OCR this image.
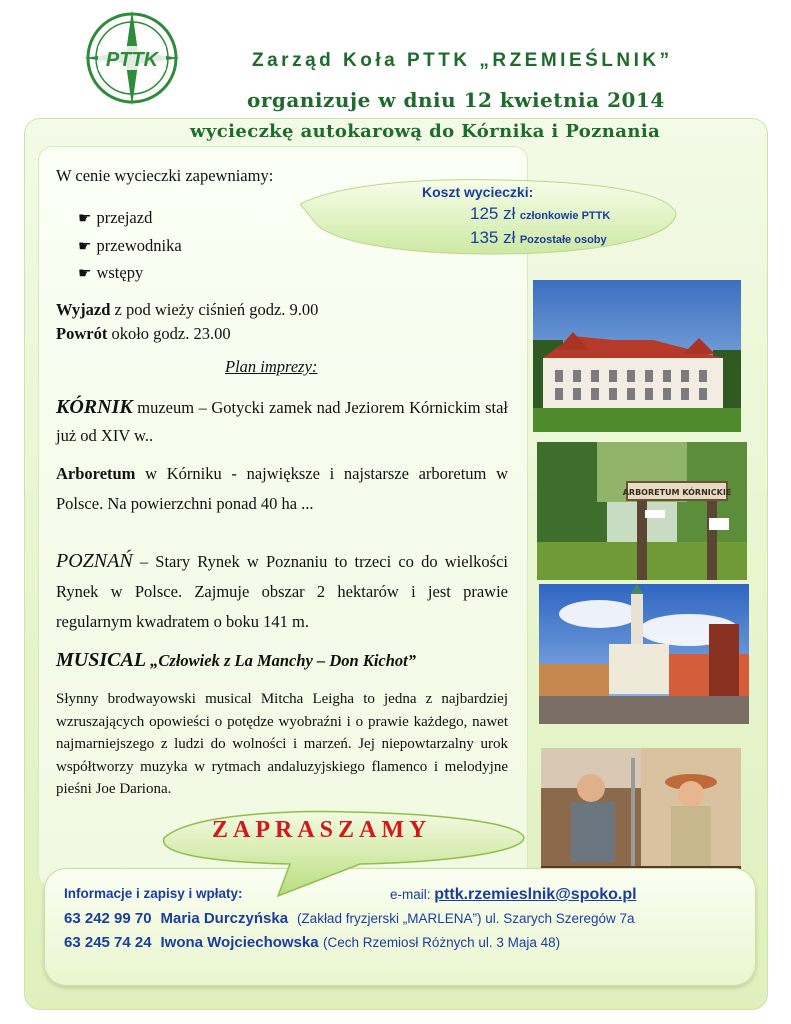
PTTK	Zarząd Koła PTTK „RZEMIEŚLNIK”
organizuje w dniu 12 kwietnia 2014
wycieczkę autokarową do Kórnika i Poznania
Koszt wycieczki:
125 zł członkowie PTTK
135 zł Pozostałe osoby
W cenie wycieczki zapewniamy:
☛ przejazd
☛ przewodnika
☛ wstępy
Wyjazd z pod wieży ciśnień godz. 9.00
Powrót około godz. 23.00
Plan imprezy:
KÓRNIK muzeum – Gotycki zamek nad Jeziorem Kórnickim stał już od XIV w..
Arboretum w Kórniku - największe i najstarsze arboretum w Polsce. Na powierzchni ponad 40 ha ...
POZNAŃ – Stary Rynek w Poznaniu to trzeci co do wielkości Rynek w Polsce. Zajmuje obszar 2 hektarów i jest prawie regularnym kwadratem o boku 141 m.
MUSICAL „Człowiek z La Manchy – Don Kichot”
Słynny brodwayowski musical Mitcha Leigha to jedna z najbardziej wzruszających opowieści o potędze wyobraźni i o prawie każdego, nawet najmarniejszego z ludzi do wolności i marzeń. Jej niepowtarzalny urok współtworzy muzyka w rytmach andaluzyjskiego flamenco i melodyjne pieśni Joe Dariona.
ARBORETUM KÓRNICKIE
ZAPRASZAMY
Informacje i zapisy i wpłaty:	e-mail: pttk.rzemieslnik@spoko.pl
63 242 99 70 Maria Durczyńska (Zakład fryzjerski „MARLENA”) ul. Szarych Szeregów 7a
63 245 74 24 Iwona Wojciechowska (Cech Rzemiosł Różnych ul. 3 Maja 48)
